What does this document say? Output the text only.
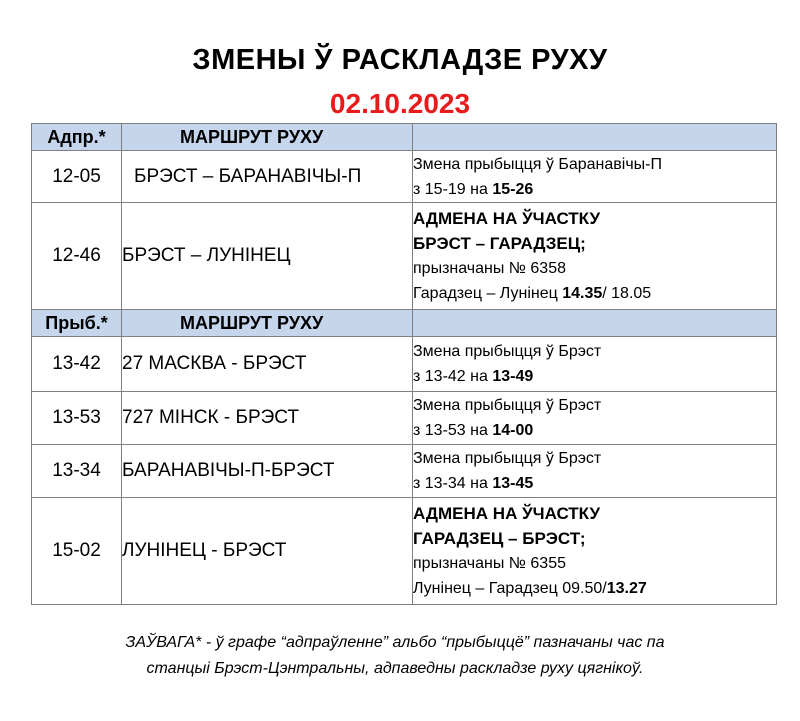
ЗМЕНЫ Ў РАСКЛАДЗЕ РУХУ
02.10.2023
Адпр.*	МАРШРУТ РУХУ	
12-05	БРЭСТ – БАРАНАВІЧЫ-П	Змена прыбыцця ў Баранавічы-П
з 15-19 на 15-26

12-46	БРЭСТ – ЛУНІНЕЦ	АДМЕНА НА ЎЧАСТКУ
БРЭСТ – ГАРАДЗЕЦ;
прызначаны № 6358
Гарадзец – Лунінец 14.35/ 18.05

Прыб.*	МАРШРУТ РУХУ	
13-42	27 МАСКВА - БРЭСТ	Змена прыбыцця ў Брэст
з 13-42 на 13-49

13-53	727 МІНСК - БРЭСТ	Змена прыбыцця ў Брэст
з 13-53 на 14-00

13-34	БАРАНАВІЧЫ-П-БРЭСТ	Змена прыбыцця ў Брэст
з 13-34 на 13-45

15-02	ЛУНІНЕЦ - БРЭСТ	АДМЕНА НА ЎЧАСТКУ
ГАРАДЗЕЦ – БРЭСТ;
прызначаны № 6355
Лунінец – Гарадзец 09.50/13.27
ЗАЎВАГА* - ў графе “адпраўленне” альбо “прыбыццё” пазначаны час па
станцыі Брэст-Цэнтральны, адпаведны раскладзе руху цягнікоў.
